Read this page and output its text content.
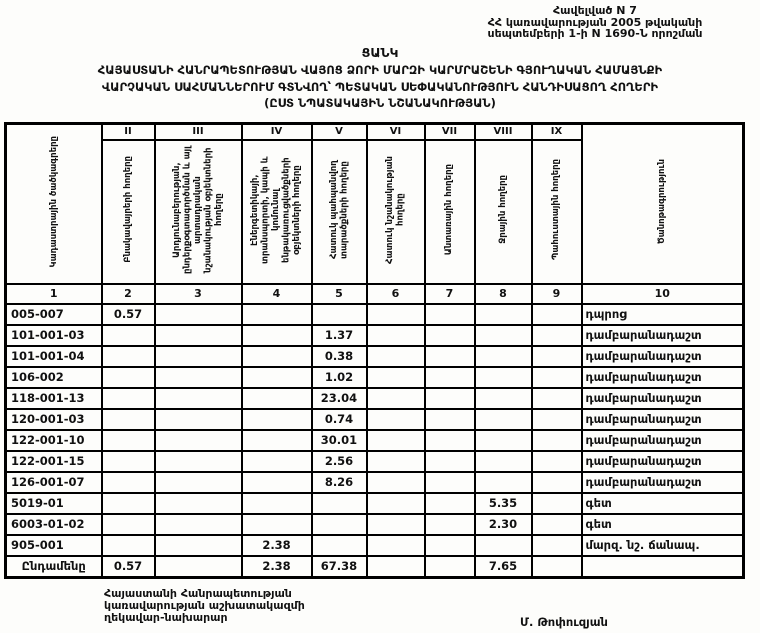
Հավելված N 7
ՀՀ կառավարության 2005 թվականի
սեպտեմբերի 1-ի N 1690-Ն որոշման
ՑԱՆԿ
ՀԱՅԱՍՏԱՆԻ ՀԱՆՐԱՊԵՏՈՒԹՅԱՆ ՎԱՅՈՑ ՁՈՐԻ ՄԱՐԶԻ ԿԱՐՄՐԱՇԵՆԻ ԳՅՈՒՂԱԿԱՆ ՀԱՄԱՅՆՔԻ
ՎԱՐՉԱԿԱՆ ՍԱՀՄԱՆՆԵՐՈՒՄ ԳՏՆՎՈՂ՝ ՊԵՏԱԿԱՆ ՍԵՓԱԿԱՆՈՒԹՅՈՒՆ ՀԱՆԴԻՍԱՑՈՂ ՀՈՂԵՐԻ
(ԸՍՏ ՆՊԱՏԱԿԱՅԻՆ ՆՇԱՆԱԿՈՒԹՅԱՆ)
Կադաստրային ծածկագրերը	II	III	IV	V	VI	VII	VIII	IX	Ծանոթագրություն
	Բնակավայրերի հողերը	Արդյունաբերության, ընդերքօգտագործման և այլ արտադրական նշանակության օբյեկտների հողերը	Էներգետիկայի, տրանսպորտի, կապի և կոմունալ ենթակառուցվածքների օբյեկտների հողերը	Հատուկ պահպանվող տարածքների հողերը	Հատուկ նշանակության հողերը	Անտառային հողերը	Ջրային հողերը	Պահուստային հողերը	
1	2	3	4	5	6	7	8	9	10
005-007	0.57								դպրոց
101-001-03				1.37					դամբարանադաշտ
101-001-04				0.38					դամբարանադաշտ
106-002				1.02					դամբարանադաշտ
118-001-13				23.04					դամբարանադաշտ
120-001-03				0.74					դամբարանադաշտ
122-001-10				30.01					դամբարանադաշտ
122-001-15				2.56					դամբարանադաշտ
126-001-07				8.26					դամբարանադաշտ
5019-01							5.35		գետ
6003-01-02							2.30		գետ
905-001			2.38						մարզ. նշ. ճանապ.
Ընդամենը	0.57		2.38	67.38			7.65		
Հայաստանի Հանրապետության
կառավարության աշխատակազմի
ղեկավար-նախարար	Մ. Թոփուզյան
